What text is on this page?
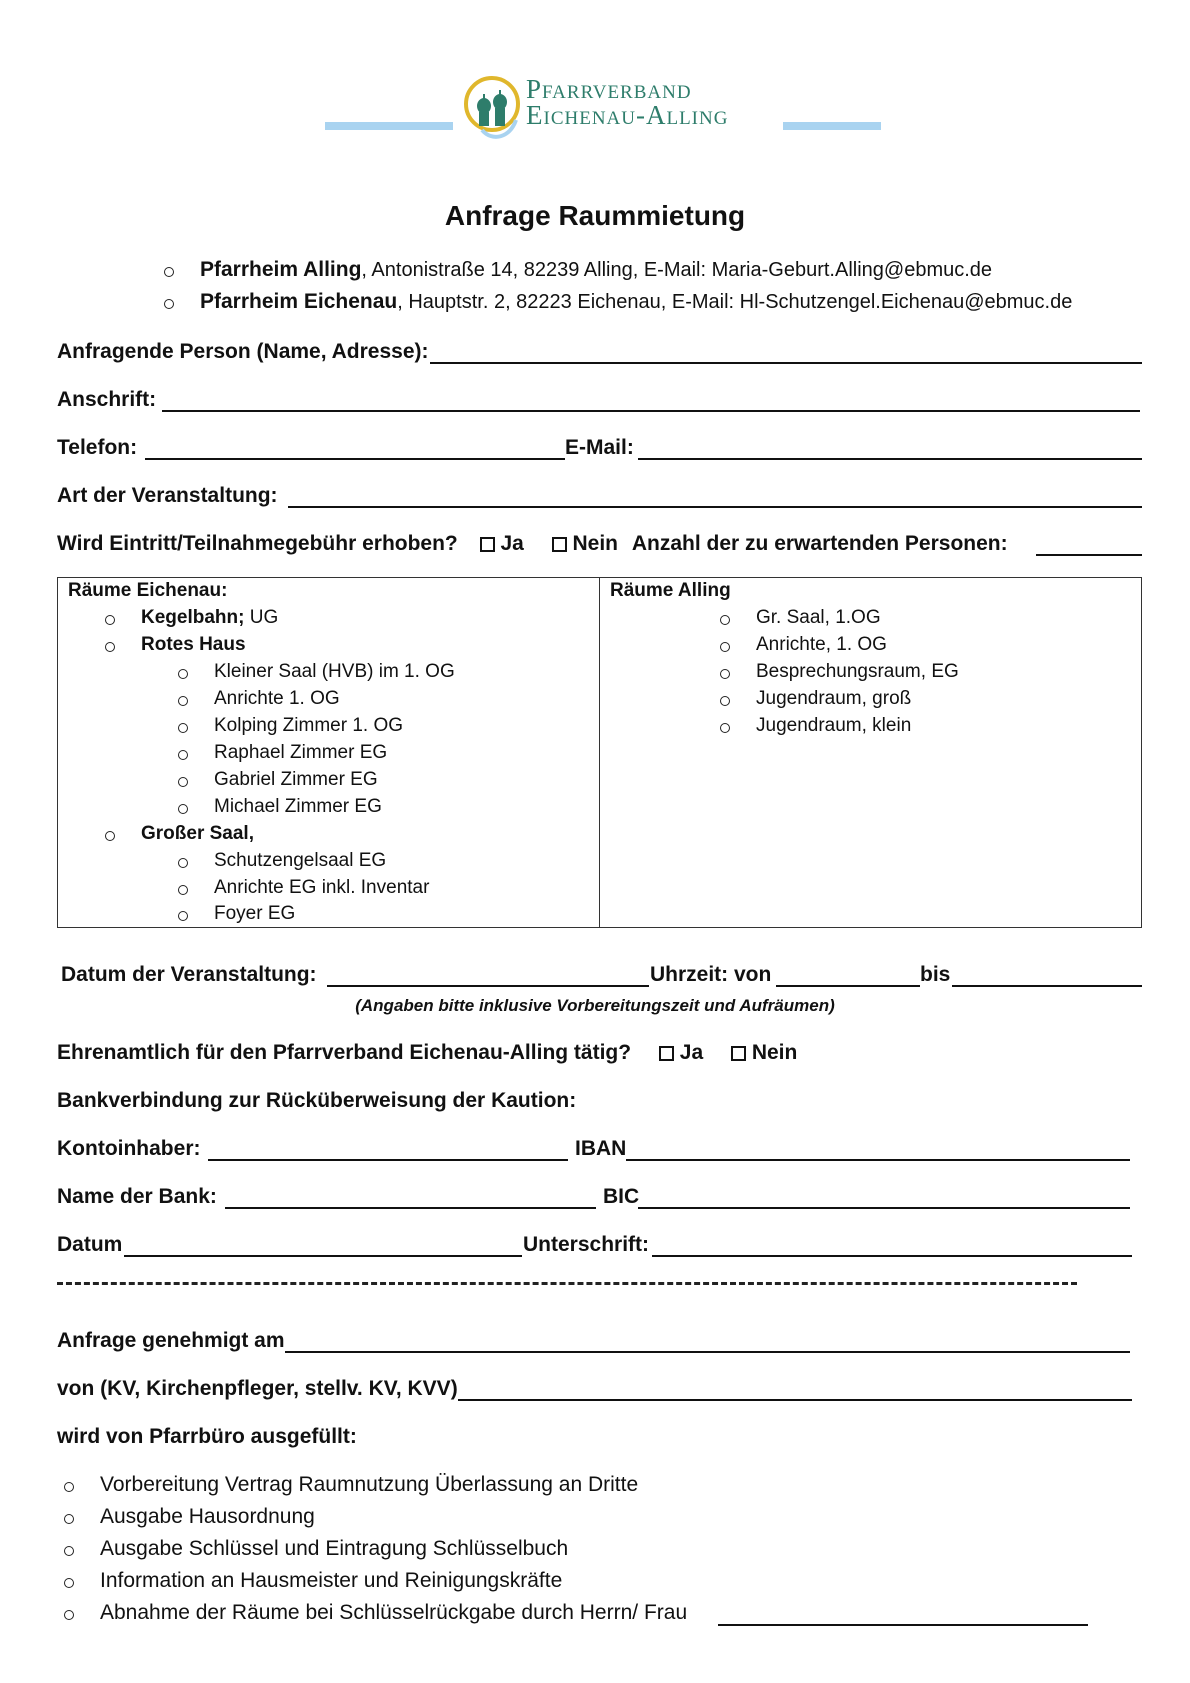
Pfarrverband
Eichenau-Alling
Anfrage Raummietung
Pfarrheim Alling, Antonistraße 14, 82239 Alling, E-Mail: Maria-Geburt.Alling@ebmuc.de
Pfarrheim Eichenau, Hauptstr. 2, 82223 Eichenau, E-Mail: Hl-Schutzengel.Eichenau@ebmuc.de
Anfragende Person (Name, Adresse):
Anschrift:
Telefon:	E-Mail:
Art der Veranstaltung:
Wird Eintritt/Teilnahmegebühr erhoben? Ja Nein Anzahl der zu erwartenden Personen:
Räume Eichenau:
Kegelbahn; UG
Rotes Haus
Kleiner Saal (HVB) im 1. OG
Anrichte 1. OG
Kolping Zimmer 1. OG
Raphael Zimmer EG
Gabriel Zimmer EG
Michael Zimmer EG
Großer Saal,
Schutzengelsaal EG
Anrichte EG inkl. Inventar
Foyer EG
Räume Alling
Gr. Saal, 1.OG
Anrichte, 1. OG
Besprechungsraum, EG
Jugendraum, groß
Jugendraum, klein
Datum der Veranstaltung:	Uhrzeit: von	bis
(Angaben bitte inklusive Vorbereitungszeit und Aufräumen)
Ehrenamtlich für den Pfarrverband Eichenau-Alling tätig? Ja Nein
Bankverbindung zur Rücküberweisung der Kaution:
Kontoinhaber:	IBAN
Name der Bank:	BIC
Datum	Unterschrift:
Anfrage genehmigt am
von (KV, Kirchenpfleger, stellv. KV, KVV)
wird von Pfarrbüro ausgefüllt:
Vorbereitung Vertrag Raumnutzung Überlassung an Dritte
Ausgabe Hausordnung
Ausgabe Schlüssel und Eintragung Schlüsselbuch
Information an Hausmeister und Reinigungskräfte
Abnahme der Räume bei Schlüsselrückgabe durch Herrn/ Frau
